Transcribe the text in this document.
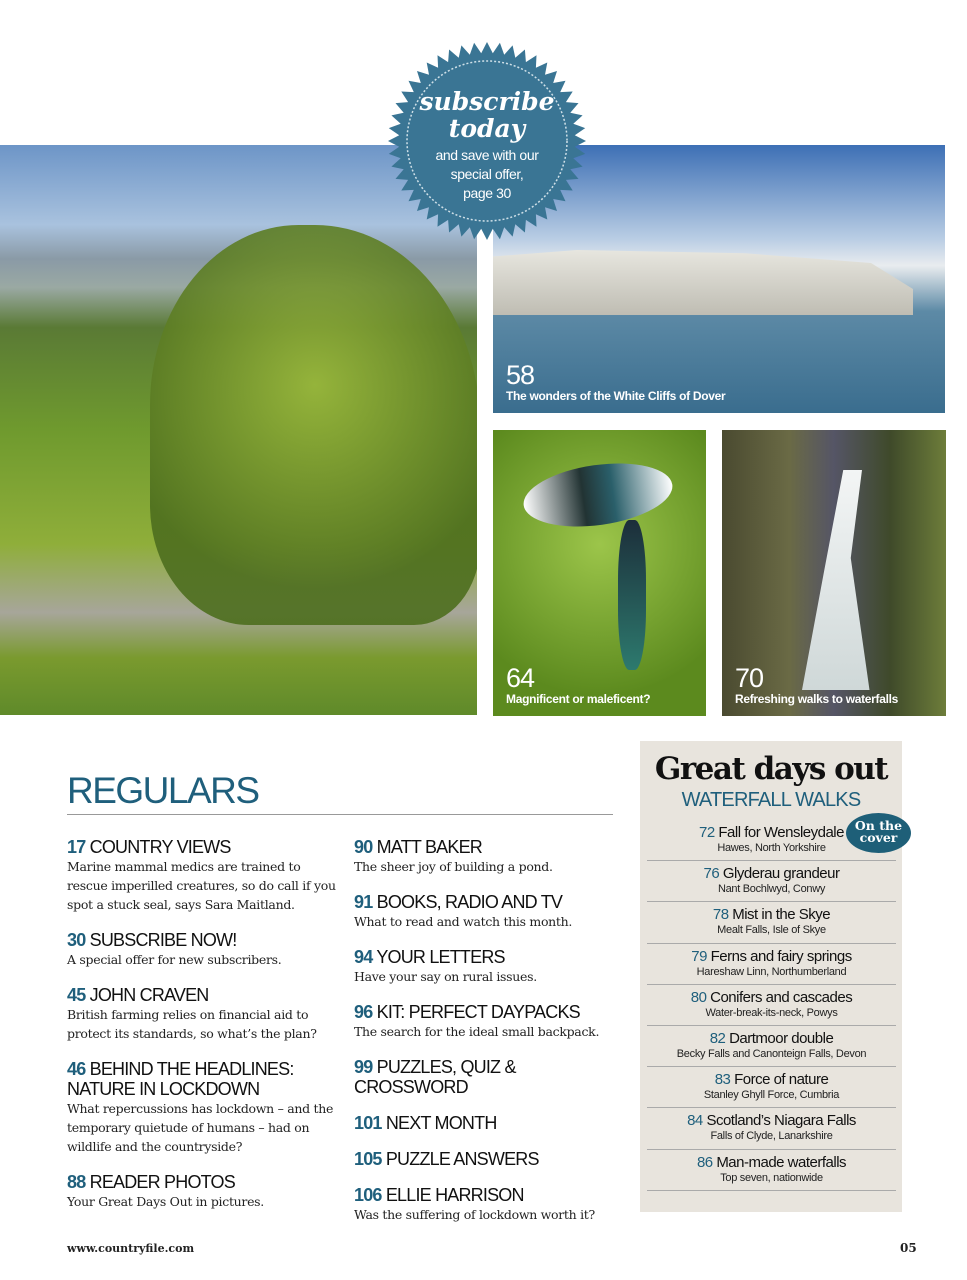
58
The wonders of the White Cliffs of Dover
64
Magnificent or maleficent?
70
Refreshing walks to waterfalls
subscribe
today
and save with our
special offer,
page 30
REGULARS
17 COUNTRY VIEWS

Marine mammal medics are trained to rescue imperilled creatures, so do call if you spot a stuck seal, says Sara Maitland.

30 SUBSCRIBE NOW!

A special offer for new subscribers.

45 JOHN CRAVEN

British farming relies on financial aid to protect its standards, so what’s the plan?

46 BEHIND THE HEADLINES: NATURE IN LOCKDOWN

What repercussions has lockdown – and the temporary quietude of humans – had on wildlife and the countryside?

88 READER PHOTOS

Your Great Days Out in pictures.

90 MATT BAKER

The sheer joy of building a pond.

91 BOOKS, RADIO AND TV

What to read and watch this month.

94 YOUR LETTERS

Have your say on rural issues.

96 KIT: PERFECT DAYPACKS

The search for the ideal small backpack.

99 PUZZLES, QUIZ & CROSSWORD
101 NEXT MONTH
105 PUZZLE ANSWERS
106 ELLIE HARRISON

Was the suffering of lockdown worth it?

Great days out
WATERFALL WALKS
72 Fall for Wensleydale
Hawes, North Yorkshire
76 Glyderau grandeur
Nant Bochlwyd, Conwy
78 Mist in the Skye
Mealt Falls, Isle of Skye
79 Ferns and fairy springs
Hareshaw Linn, Northumberland
80 Conifers and cascades
Water-break-its-neck, Powys
82 Dartmoor double
Becky Falls and Canonteign Falls, Devon
83 Force of nature
Stanley Ghyll Force, Cumbria
84 Scotland’s Niagara Falls
Falls of Clyde, Lanarkshire
86 Man-made waterfalls
Top seven, nationwide
On the
cover
www.countryfile.com	05
